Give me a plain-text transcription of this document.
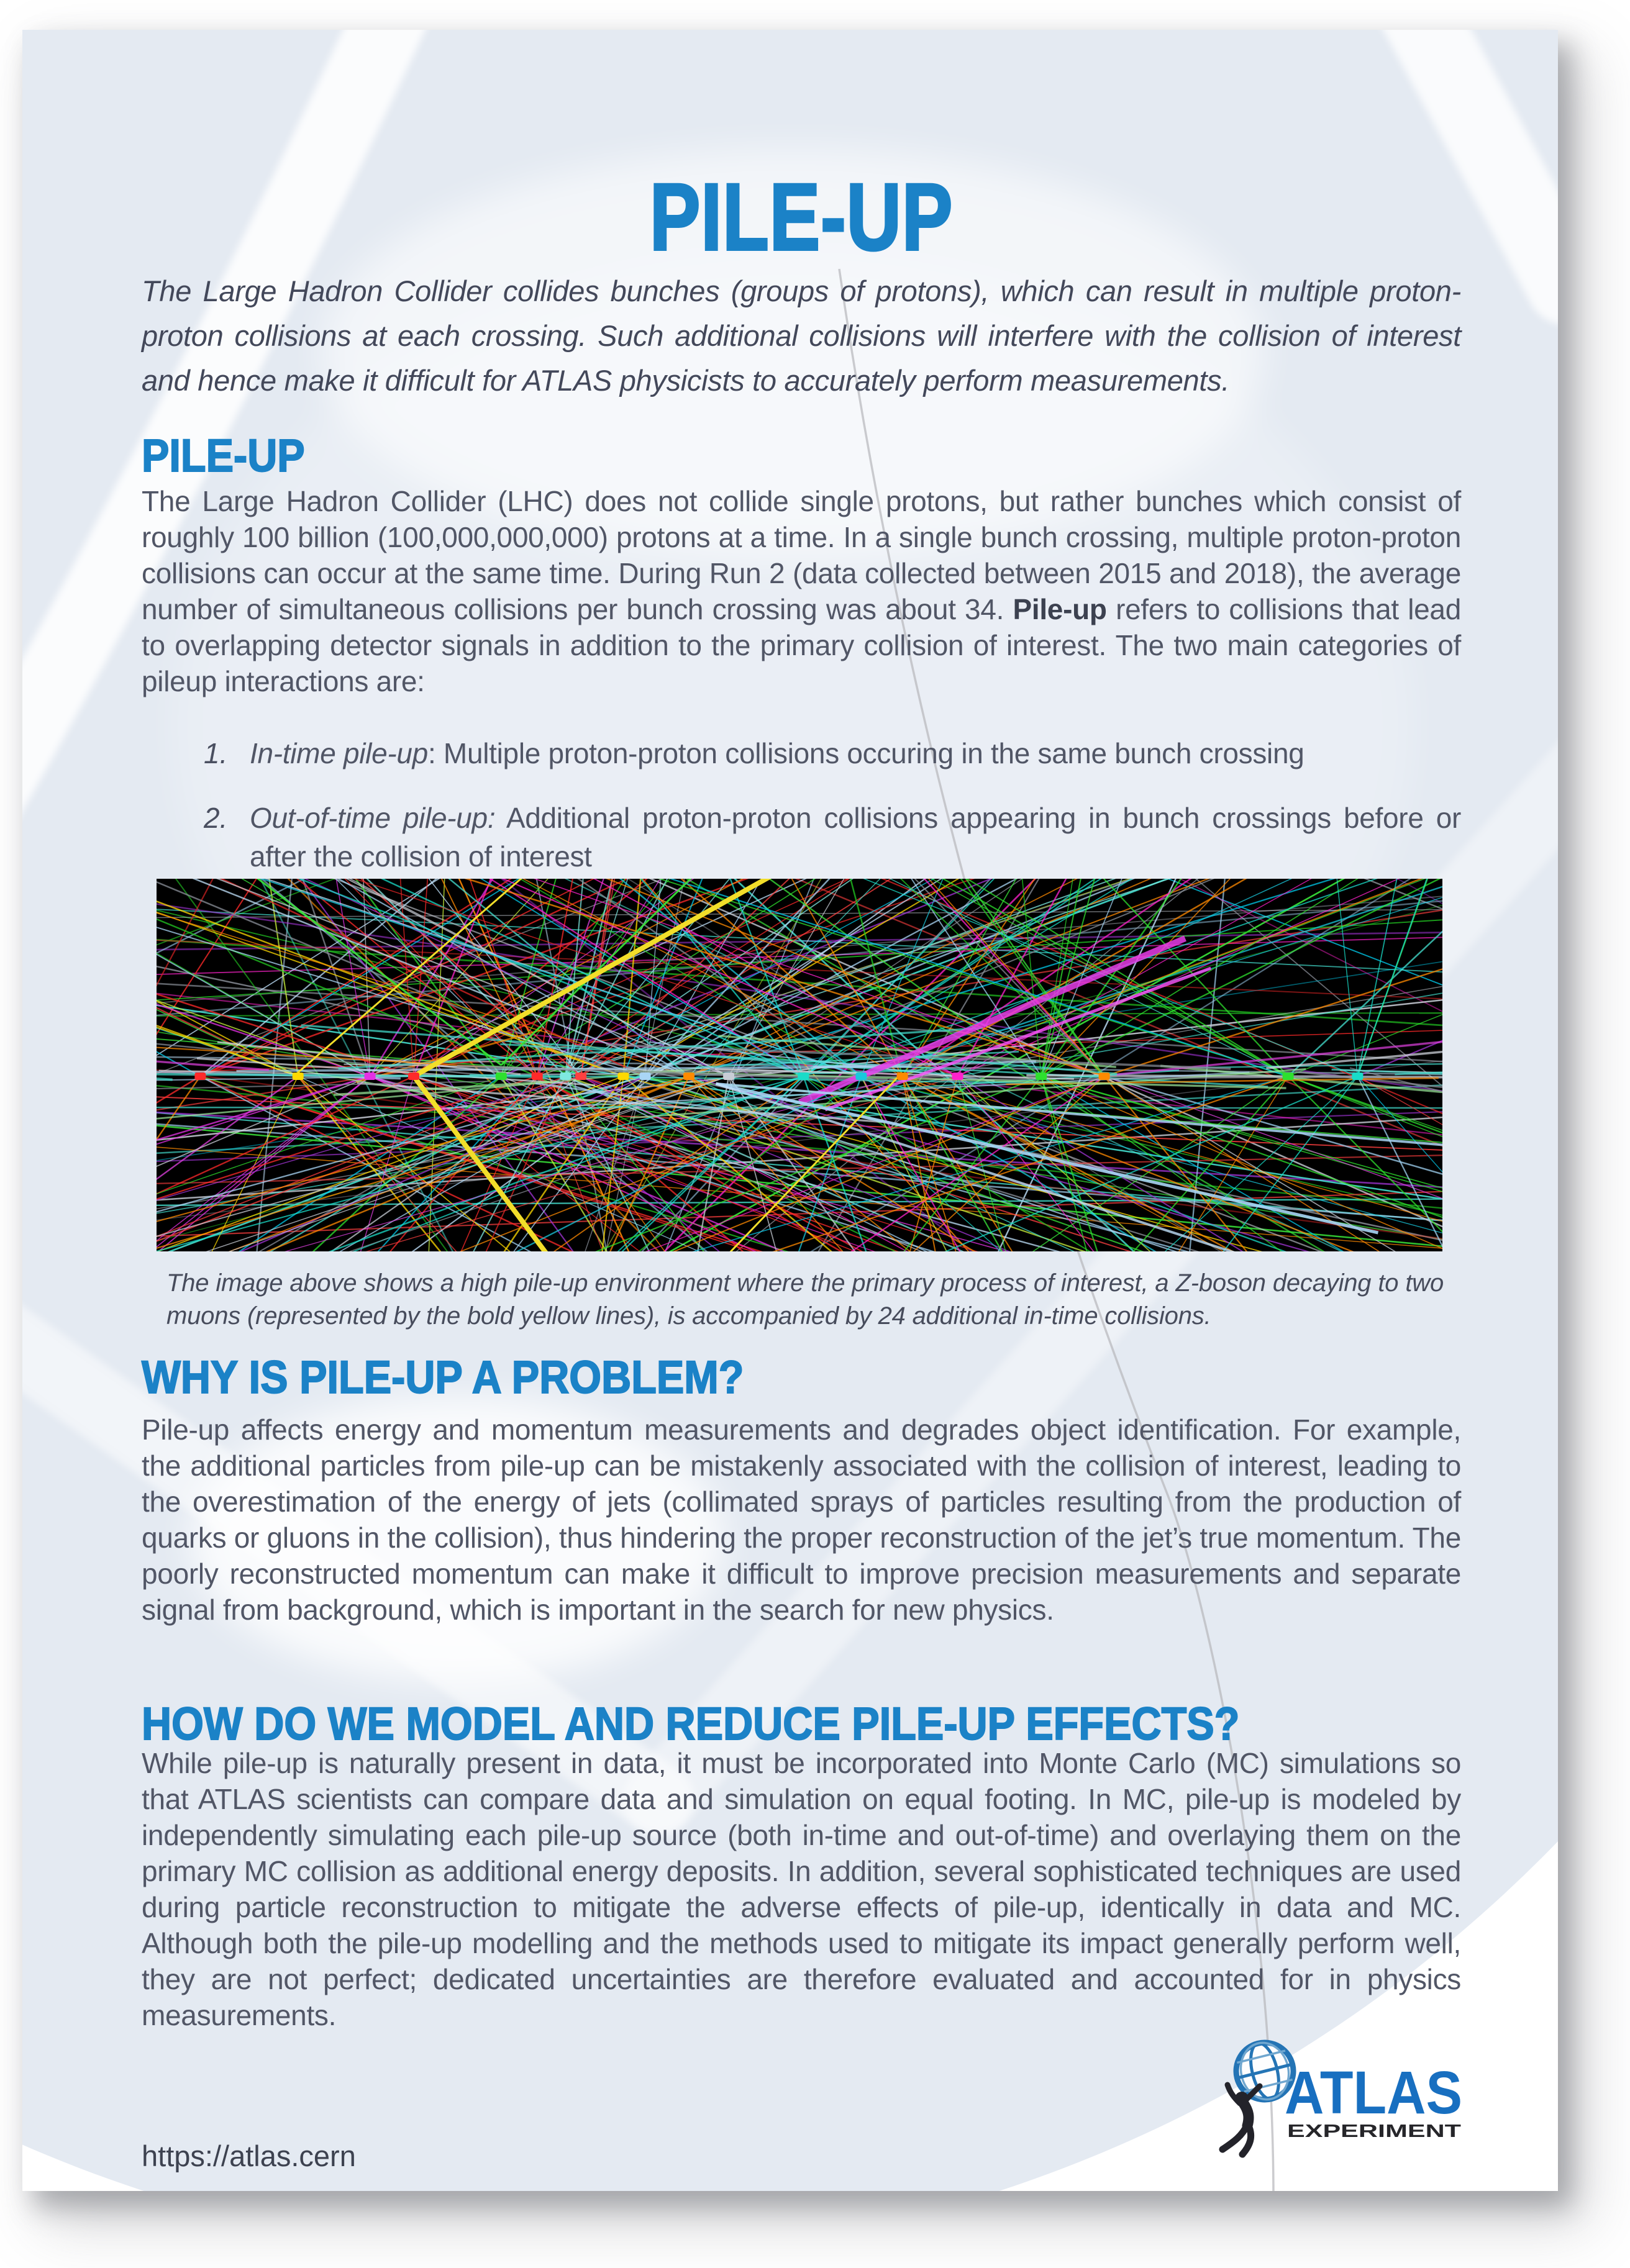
PILE-UP

The Large Hadron Collider collides bunches (groups of protons), which can result in multiple proton-proton collisions at each crossing. Such additional collisions will interfere with the collision of interest and hence make it difficult for ATLAS physicists to accurately perform measurements.

PILE-UP

The Large Hadron Collider (LHC) does not collide single protons, but rather bunches which consist of roughly 100 billion (100,000,000,000) protons at a time. In a single bunch crossing, multiple proton-proton collisions can occur at the same time. During Run 2 (data collected between 2015 and 2018), the average number of simultaneous collisions per bunch crossing was about 34. Pile-up refers to collisions that lead to overlapping detector signals in addition to the primary collision of interest. The two main categories of pileup interactions are:

1. In-time pile-up: Multiple proton-proton collisions occuring in the same bunch crossing
2. Out-of-time pile-up: Additional proton-proton collisions appearing in bunch crossings before or after the collision of interest

The image above shows a high pile-up environment where the primary process of interest, a Z-boson decaying to two muons (represented by the bold yellow lines), is accompanied by 24 additional in-time collisions.

WHY IS PILE-UP A PROBLEM?

Pile-up affects energy and momentum measurements and degrades object identification. For example, the additional particles from pile-up can be mistakenly associated with the collision of interest, leading to the overestimation of the energy of jets (collimated sprays of particles resulting from the production of quarks or gluons in the collision), thus hindering the proper reconstruction of the jet’s true momentum. The poorly reconstructed momentum can make it difficult to improve precision measurements and separate signal from background, which is important in the search for new physics.

HOW DO WE MODEL AND REDUCE PILE-UP EFFECTS?

While pile-up is naturally present in data, it must be incorporated into Monte Carlo (MC) simulations so that ATLAS scientists can compare data and simulation on equal footing. In MC, pile-up is modeled by independently simulating each pile-up source (both in-time and out-of-time) and overlaying them on the primary MC collision as additional energy deposits. In addition, several sophisticated techniques are used during particle reconstruction to mitigate the adverse effects of pile-up, identically in data and MC. Although both the pile-up modelling and the methods used to mitigate its impact generally perform well, they are not perfect; dedicated uncertainties are therefore evaluated and accounted for in physics measurements.

https://atlas.cern
ATLAS
EXPERIMENT
